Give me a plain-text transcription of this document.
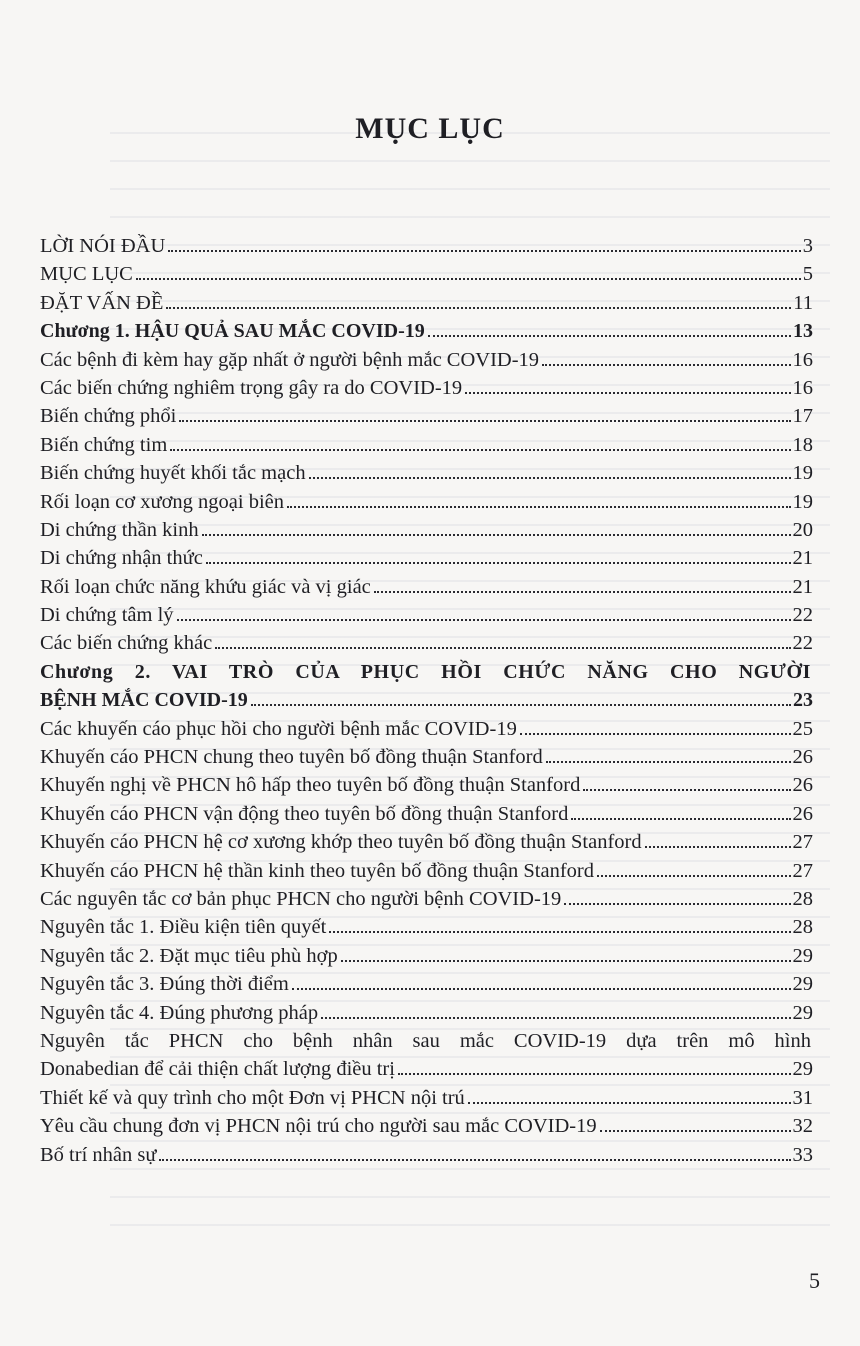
MỤC LỤC
LỜI NÓI ĐẦU	3
MỤC LỤC	5
ĐẶT VẤN ĐỀ	11
Chương 1. HẬU QUẢ SAU MẮC COVID-19	13
Các bệnh đi kèm hay gặp nhất ở người bệnh mắc COVID-19	16
Các biến chứng nghiêm trọng gây ra do COVID-19	16
Biến chứng phổi	17
Biến chứng tim	18
Biến chứng huyết khối tắc mạch	19
Rối loạn cơ xương ngoại biên	19
Di chứng thần kinh	20
Di chứng nhận thức	21
Rối loạn chức năng khứu giác và vị giác	21
Di chứng tâm lý	22
Các biến chứng khác	22
Chương 2. VAI TRÒ CỦA PHỤC HỒI CHỨC NĂNG CHO NGƯỜI
BỆNH MẮC COVID-19	23
Các khuyến cáo phục hồi cho người bệnh mắc COVID-19	25
Khuyến cáo PHCN chung theo tuyên bố đồng thuận Stanford	26
Khuyến nghị về PHCN hô hấp theo tuyên bố đồng thuận Stanford	26
Khuyến cáo PHCN vận động theo tuyên bố đồng thuận Stanford	26
Khuyến cáo PHCN hệ cơ xương khớp theo tuyên bố đồng thuận Stanford	27
Khuyến cáo PHCN hệ thần kinh theo tuyên bố đồng thuận Stanford	27
Các nguyên tắc cơ bản phục PHCN cho người bệnh COVID-19	28
Nguyên tắc 1. Điều kiện tiên quyết	28
Nguyên tắc 2. Đặt mục tiêu phù hợp	29
Nguyên tắc 3. Đúng thời điểm	29
Nguyên tắc 4. Đúng phương pháp	29
Nguyên tắc PHCN cho bệnh nhân sau mắc COVID-19 dựa trên mô hình
Donabedian để cải thiện chất lượng điều trị	29
Thiết kế và quy trình cho một Đơn vị PHCN nội trú	31
Yêu cầu chung đơn vị PHCN nội trú cho người sau mắc COVID-19	32
Bố trí nhân sự	33
5
